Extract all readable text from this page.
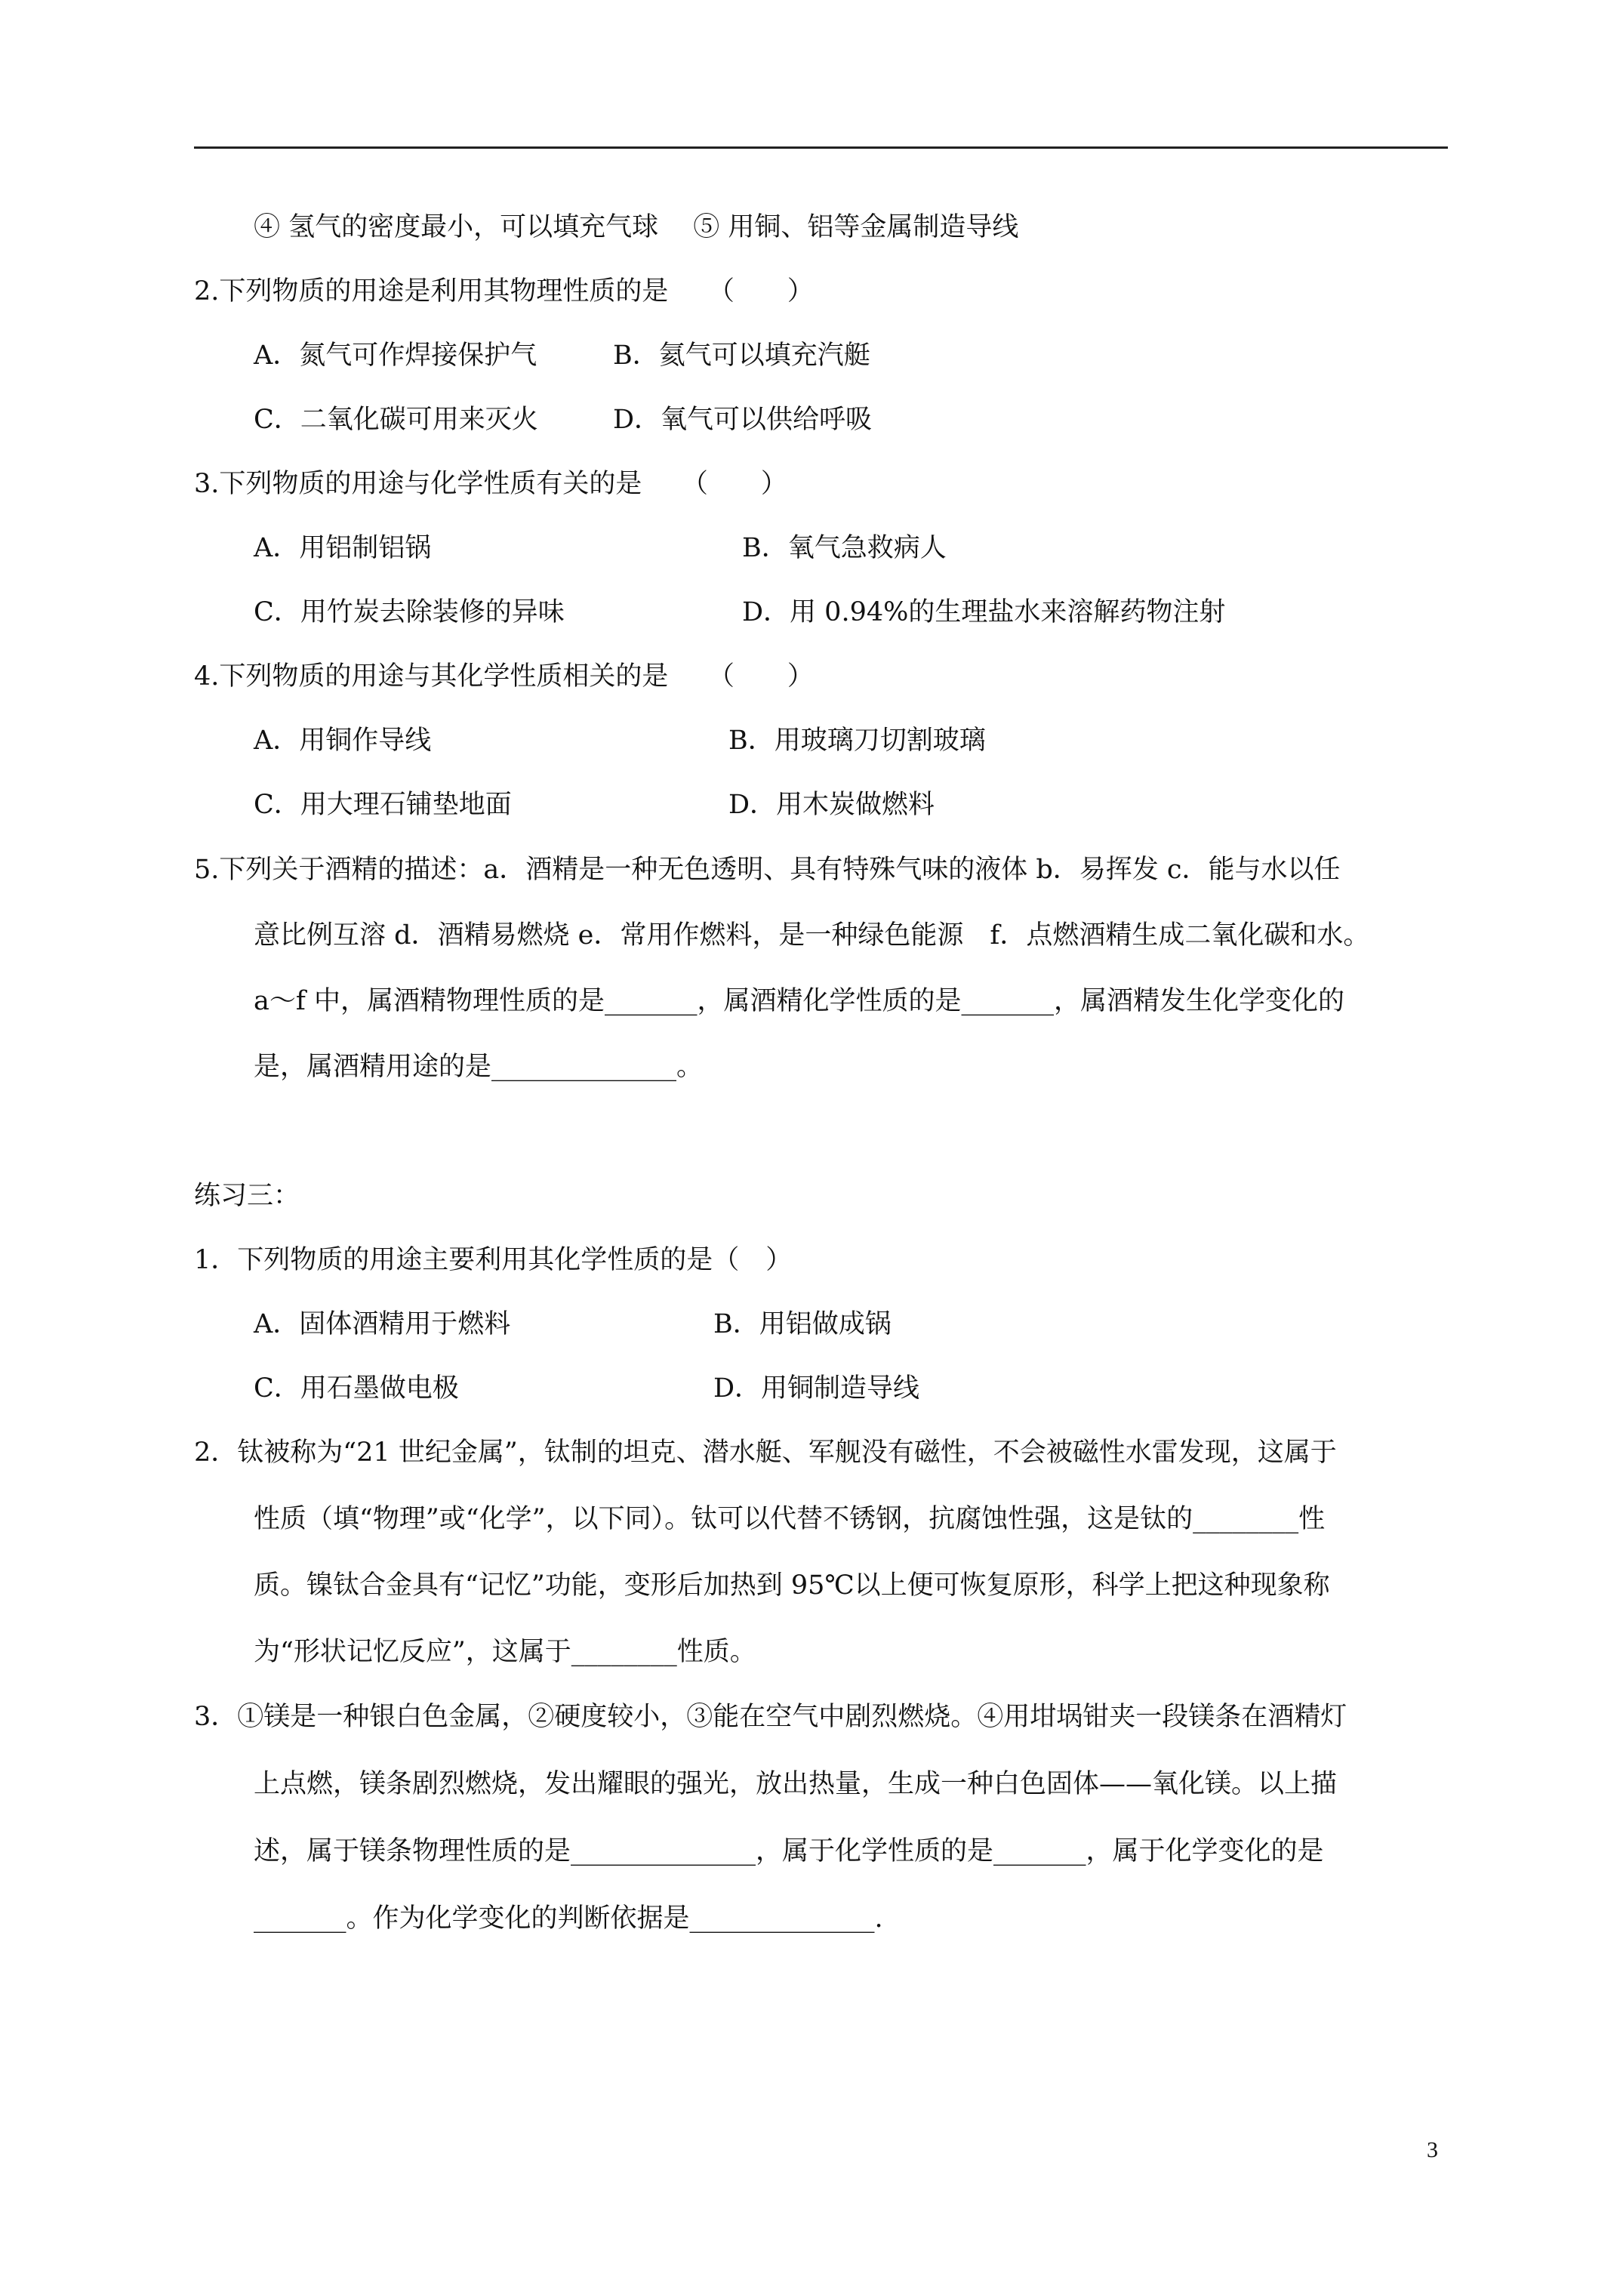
④ 氢气的密度最小，可以填充气球　 ⑤ 用铜、铝等金属制造导线
2.下列物质的用途是利用其物理性质的是　　（　　）
A．氮气可作焊接保护气	B．氦气可以填充汽艇
C．二氧化碳可用来灭火	D．氧气可以供给呼吸
3.下列物质的用途与化学性质有关的是　　（　　）
A．用铝制铝锅	B．氧气急救病人
C．用竹炭去除装修的异味	D．用 0.94%的生理盐水来溶解药物注射
4.下列物质的用途与其化学性质相关的是　　（　　）
A．用铜作导线	B．用玻璃刀切割玻璃
C．用大理石铺垫地面	D．用木炭做燃料
5.下列关于酒精的描述：a．酒精是一种无色透明、具有特殊气味的液体 b．易挥发 c．能与水以任
意比例互溶 d．酒精易燃烧 e．常用作燃料，是一种绿色能源　f．点燃酒精生成二氧化碳和水。
a～f 中，属酒精物理性质的是_______，属酒精化学性质的是_______，属酒精发生化学变化的
是，属酒精用途的是______________。
练习三：
1．下列物质的用途主要利用其化学性质的是（　）
A．固体酒精用于燃料	B．用铝做成锅
C．用石墨做电极	D．用铜制造导线
2．钛被称为“21 世纪金属”，钛制的坦克、潜水艇、军舰没有磁性，不会被磁性水雷发现，这属于
性质（填“物理”或“化学”，以下同）。钛可以代替不锈钢，抗腐蚀性强，这是钛的________性
质。镍钛合金具有“记忆”功能，变形后加热到 95℃以上便可恢复原形，科学上把这种现象称
为“形状记忆反应”，这属于________性质。
3．①镁是一种银白色金属，②硬度较小，③能在空气中剧烈燃烧。④用坩埚钳夹一段镁条在酒精灯
上点燃，镁条剧烈燃烧，发出耀眼的强光，放出热量，生成一种白色固体——氧化镁。以上描
述，属于镁条物理性质的是______________，属于化学性质的是_______，属于化学变化的是
_______。作为化学变化的判断依据是______________.
3
